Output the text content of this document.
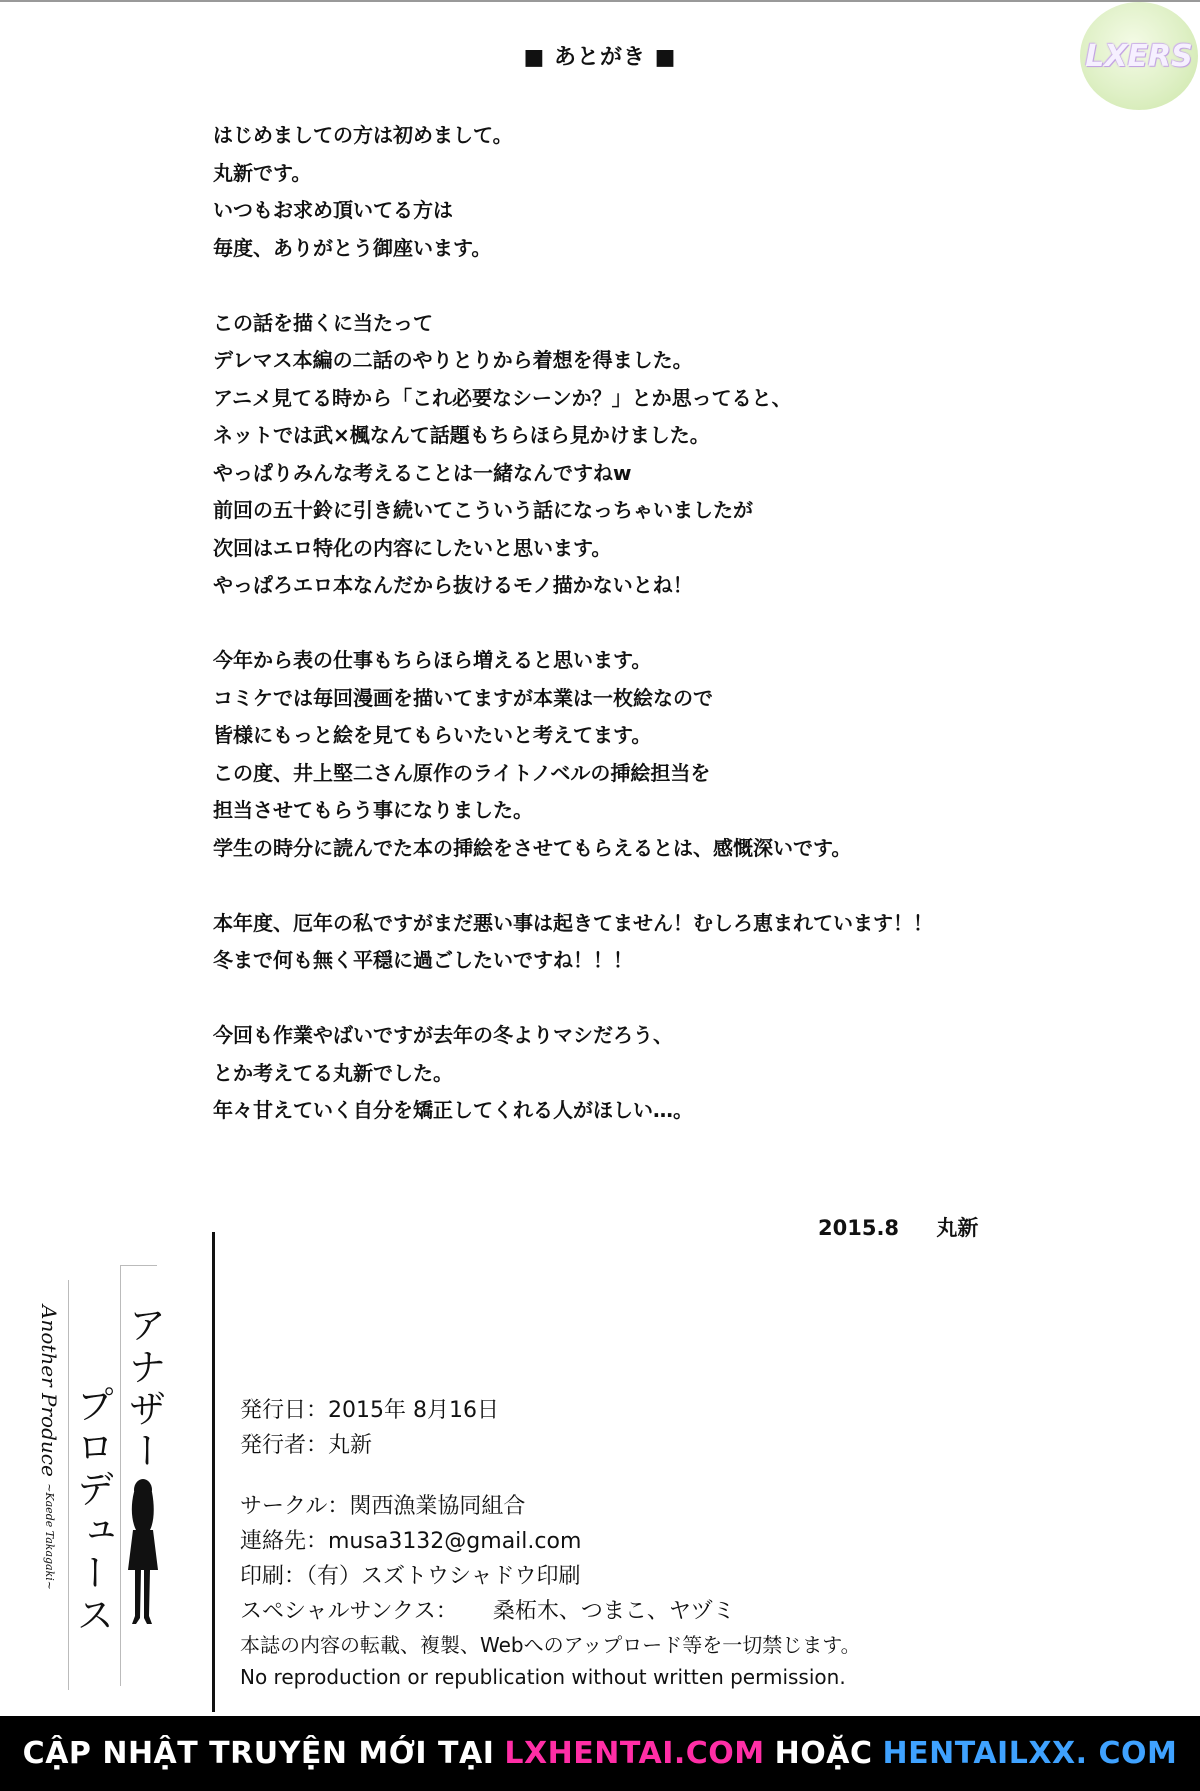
LXERS
■ あとがき ■
はじめましての方は初めまして。
丸新です。
いつもお求め頂いてる方は
毎度、ありがとう御座います。
この話を描くに当たって
デレマス本編の二話のやりとりから着想を得ました。
アニメ見てる時から「これ必要なシーンか？」とか思ってると、
ネットでは武×楓なんて話題もちらほら見かけました。
やっぱりみんな考えることは一緒なんですねw
前回の五十鈴に引き続いてこういう話になっちゃいましたが
次回はエロ特化の内容にしたいと思います。
やっぱろエロ本なんだから抜けるモノ描かないとね！
今年から表の仕事もちらほら増えると思います。
コミケでは毎回漫画を描いてますが本業は一枚絵なので
皆様にもっと絵を見てもらいたいと考えてます。
この度、井上堅二さん原作のライトノベルの挿絵担当を
担当させてもらう事になりました。
学生の時分に読んでた本の挿絵をさせてもらえるとは、感慨深いです。
本年度、厄年の私ですがまだ悪い事は起きてません！むしろ恵まれています！！
冬まで何も無く平穏に過ごしたいですね！！！
今回も作業やばいですが去年の冬よりマシだろう、
とか考えてる丸新でした。
年々甘えていく自分を矯正してくれる人がほしい…。
2015.8 丸新
アナザー
プロデュース
Another Produce ~Kaede Takagaki~
発行日：2015年 8月16日
発行者：丸新
サークル：関西漁業協同組合
連絡先：musa3132@gmail.com
印刷：（有）スズトウシャドウ印刷
スペシャルサンクス： 桑柘木、つまこ、ヤヅミ
本誌の内容の転載、複製、Webへのアップロード等を一切禁じます。
No reproduction or republication without written permission.
CẬP NHẬT TRUYỆN MỚI TẠI LXHENTAI.COM HOẶC HENTAILXX. COM
